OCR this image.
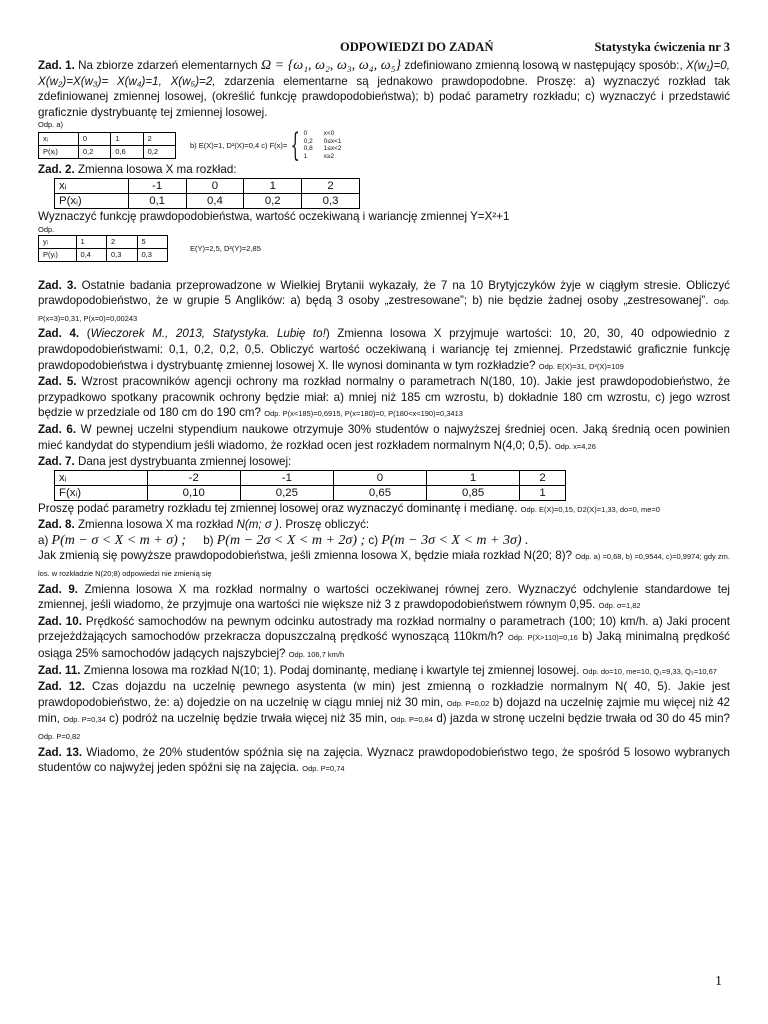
ODPOWIEDZI DO ZADAŃ	Statystyka ćwiczenia nr 3

Zad. 1. Na zbiorze zdarzeń elementarnych Ω = {ω₁, ω₂, ω₃, ω₄, ω₅} zdefiniowano zmienną losową w następujący sposób:, X(w₁)=0, X(w₂)=X(w₃)= X(w₄)=1, X(w₅)=2, zdarzenia elementarne są jednakowo prawdopodobne. Proszę: a) wyznaczyć rozkład tak zdefiniowanej zmiennej losowej, (określić funkcję prawdopodobieństwa); b) podać parametry rozkładu; c) wyznaczyć i przedstawić graficznie dystrybuantę tej zmiennej losowej.

Odp. a)

xᵢ	0	1	2
P(xᵢ)	0,2	0,6	0,2
b) E(X)=1, D²(X)=0,4 c) F(x)= { 0	x<0
0,2 0≤x<1
0,8 1≤x<2
1	x≥2

Zad. 2. Zmienna losowa X ma rozkład:

xᵢ	-1	0	1	2
P(xᵢ)	0,1	0,4	0,2	0,3

Wyznaczyć funkcję prawdopodobieństwa, wartość oczekiwaną i wariancję zmiennej Y=X²+1

Odp.

yᵢ	1	2	5
P(yᵢ)	0,4	0,3	0,3
E(Y)=2,5, D²(Y)=2,85

Zad. 3. Ostatnie badania przeprowadzone w Wielkiej Brytanii wykazały, że 7 na 10 Brytyjczyków żyje w ciągłym stresie. Obliczyć prawdopodobieństwo, że w grupie 5 Anglików: a) będą 3 osoby „zestresowane”; b) nie będzie żadnej osoby „zestresowanej”. Odp. P(x=3)=0,31, P(x=0)=0,00243

Zad. 4. (Wieczorek M., 2013, Statystyka. Lubię to!) Zmienna losowa X przyjmuje wartości: 10, 20, 30, 40 odpowiednio z prawdopodobieństwami: 0,1, 0,2, 0,2, 0,5. Obliczyć wartość oczekiwaną i wariancję tej zmiennej. Przedstawić graficznie funkcję prawdopodobieństwa i dystrybuantę zmiennej losowej X. Ile wynosi dominanta w tym rozkładzie? Odp. E(X)=31, D²(X)=109

Zad. 5. Wzrost pracowników agencji ochrony ma rozkład normalny o parametrach N(180, 10). Jakie jest prawdopodobieństwo, że przypadkowo spotkany pracownik ochrony będzie miał: a) mniej niż 185 cm wzrostu, b) dokładnie 180 cm wzrostu, c) jego wzrost będzie w przedziale od 180 cm do 190 cm? Odp. P(x<185)=0,6915, P(x=180)=0, P(180<x<190)=0,3413

Zad. 6. W pewnej uczelni stypendium naukowe otrzymuje 30% studentów o najwyższej średniej ocen. Jaką średnią ocen powinien mieć kandydat do stypendium jeśli wiadomo, że rozkład ocen jest rozkładem normalnym N(4,0; 0,5). Odp. x=4,26

Zad. 7. Dana jest dystrybuanta zmiennej losowej:

xᵢ	-2	-1	0	1	2
F(xᵢ)	0,10	0,25	0,65	0,85	1

Proszę podać parametry rozkładu tej zmiennej losowej oraz wyznaczyć dominantę i medianę. Odp. E(X)=0,15, D2(X)=1,33, do=0, me=0

Zad. 8. Zmienna losowa X ma rozkład N(m; σ ). Proszę obliczyć:

a) P(m − σ < X < m + σ) ; b) P(m − 2σ < X < m + 2σ) ; c) P(m − 3σ < X < m + 3σ) .

Jak zmienią się powyższe prawdopodobieństwa, jeśli zmienna losowa X, będzie miała rozkład N(20; 8)? Odp. a) =0,68, b) =0,9544, c)=0,9974; gdy zm. los. w rozkładzie N(20;8) odpowiedzi nie zmienią się

Zad. 9. Zmienna losowa X ma rozkład normalny o wartości oczekiwanej równej zero. Wyznaczyć odchylenie standardowe tej zmiennej, jeśli wiadomo, że przyjmuje ona wartości nie większe niż 3 z prawdopodobieństwem równym 0,95. Odp. σ=1,82

Zad. 10. Prędkość samochodów na pewnym odcinku autostrady ma rozkład normalny o parametrach (100; 10) km/h. a) Jaki procent przejeżdżających samochodów przekracza dopuszczalną prędkość wynoszącą 110km/h? Odp. P(X>110)=0,16 b) Jaką minimalną prędkość osiąga 25% samochodów jadących najszybciej? Odp. 106,7 km/h

Zad. 11. Zmienna losowa ma rozkład N(10; 1). Podaj dominantę, medianę i kwartyle tej zmiennej losowej. Odp. do=10, me=10, Q₁=9,33, Q₃=10,67

Zad. 12. Czas dojazdu na uczelnię pewnego asystenta (w min) jest zmienną o rozkładzie normalnym N( 40, 5). Jakie jest prawdopodobieństwo, że: a) dojedzie on na uczelnię w ciągu mniej niż 30 min, Odp. P=0,02 b) dojazd na uczelnię zajmie mu więcej niż 42 min, Odp. P=0,34 c) podróż na uczelnię będzie trwała więcej niż 35 min, Odp. P=0,84 d) jazda w stronę uczelni będzie trwała od 30 do 45 min? Odp. P=0,82

Zad. 13. Wiadomo, że 20% studentów spóźnia się na zajęcia. Wyznacz prawdopodobieństwo tego, że spośród 5 losowo wybranych studentów co najwyżej jeden spóźni się na zajęcia. Odp. P=0,74

1
